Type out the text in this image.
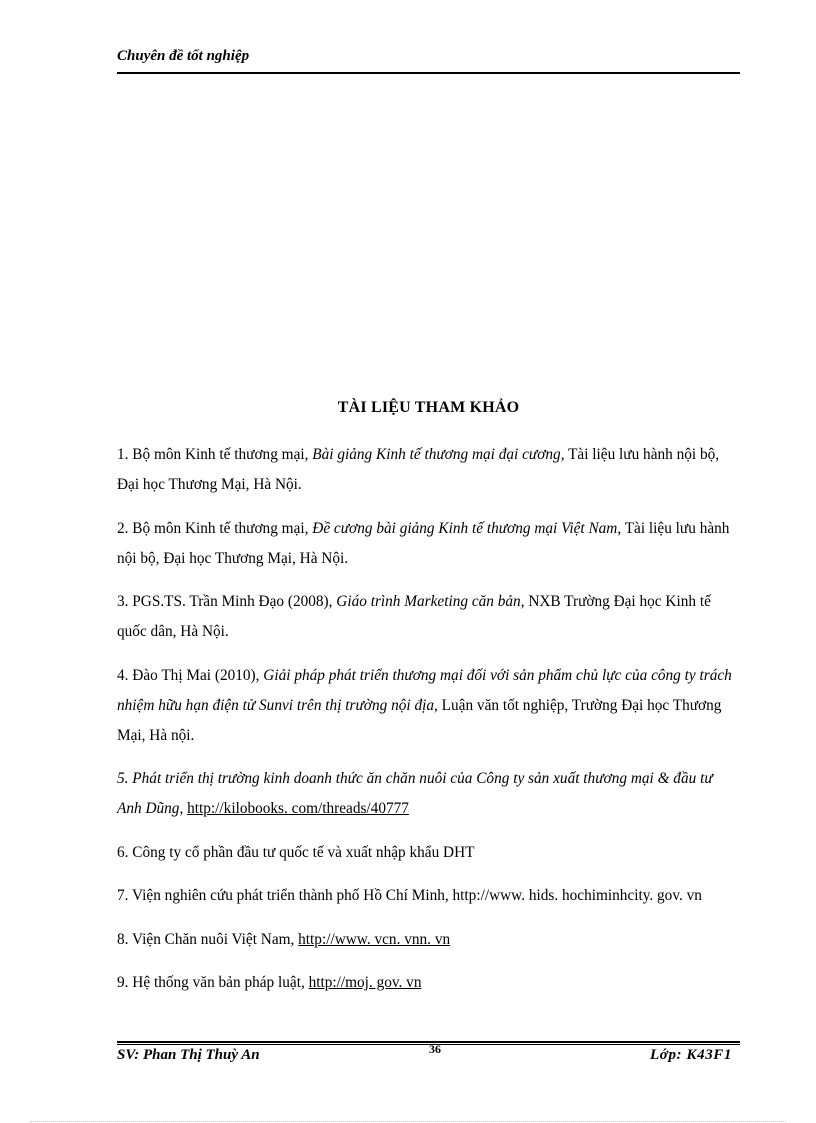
Chuyên đề tốt nghiệp
TÀI LIỆU THAM KHẢO

1. Bộ môn Kinh tế thương mại, Bài giảng Kinh tế thương mại đại cương, Tài liệu lưu hành nội bộ, Đại học Thương Mại, Hà Nội.

2. Bộ môn Kinh tế thương mại, Đề cương bài giảng Kinh tế thương mại Việt Nam, Tài liệu lưu hành nội bộ, Đại học Thương Mại, Hà Nội.

3. PGS.TS. Trần Minh Đạo (2008), Giáo trình Marketing căn bản, NXB Trường Đại học Kinh tế quốc dân, Hà Nội.

4. Đào Thị Mai (2010), Giải pháp phát triển thương mại đối với sản phẩm chủ lực của công ty trách nhiệm hữu hạn điện tử Sunvi trên thị trường nội địa, Luận văn tốt nghiệp, Trường Đại học Thương Mại, Hà nội.

5. Phát triển thị trường kinh doanh thức ăn chăn nuôi của Công ty sản xuất thương mại & đầu tư Anh Dũng, http://kilobooks. com/threads/40777

6. Công ty cổ phần đầu tư quốc tế và xuất nhập khẩu DHT

7. Viện nghiên cứu phát triển thành phố Hồ Chí Minh, http://www. hids. hochiminhcity. gov. vn

8. Viện Chăn nuôi Việt Nam, http://www. vcn. vnn. vn

9. Hệ thống văn bản pháp luật, http://moj. gov. vn

SV: Phan Thị Thuỳ An	36	Lớp: K43F1
